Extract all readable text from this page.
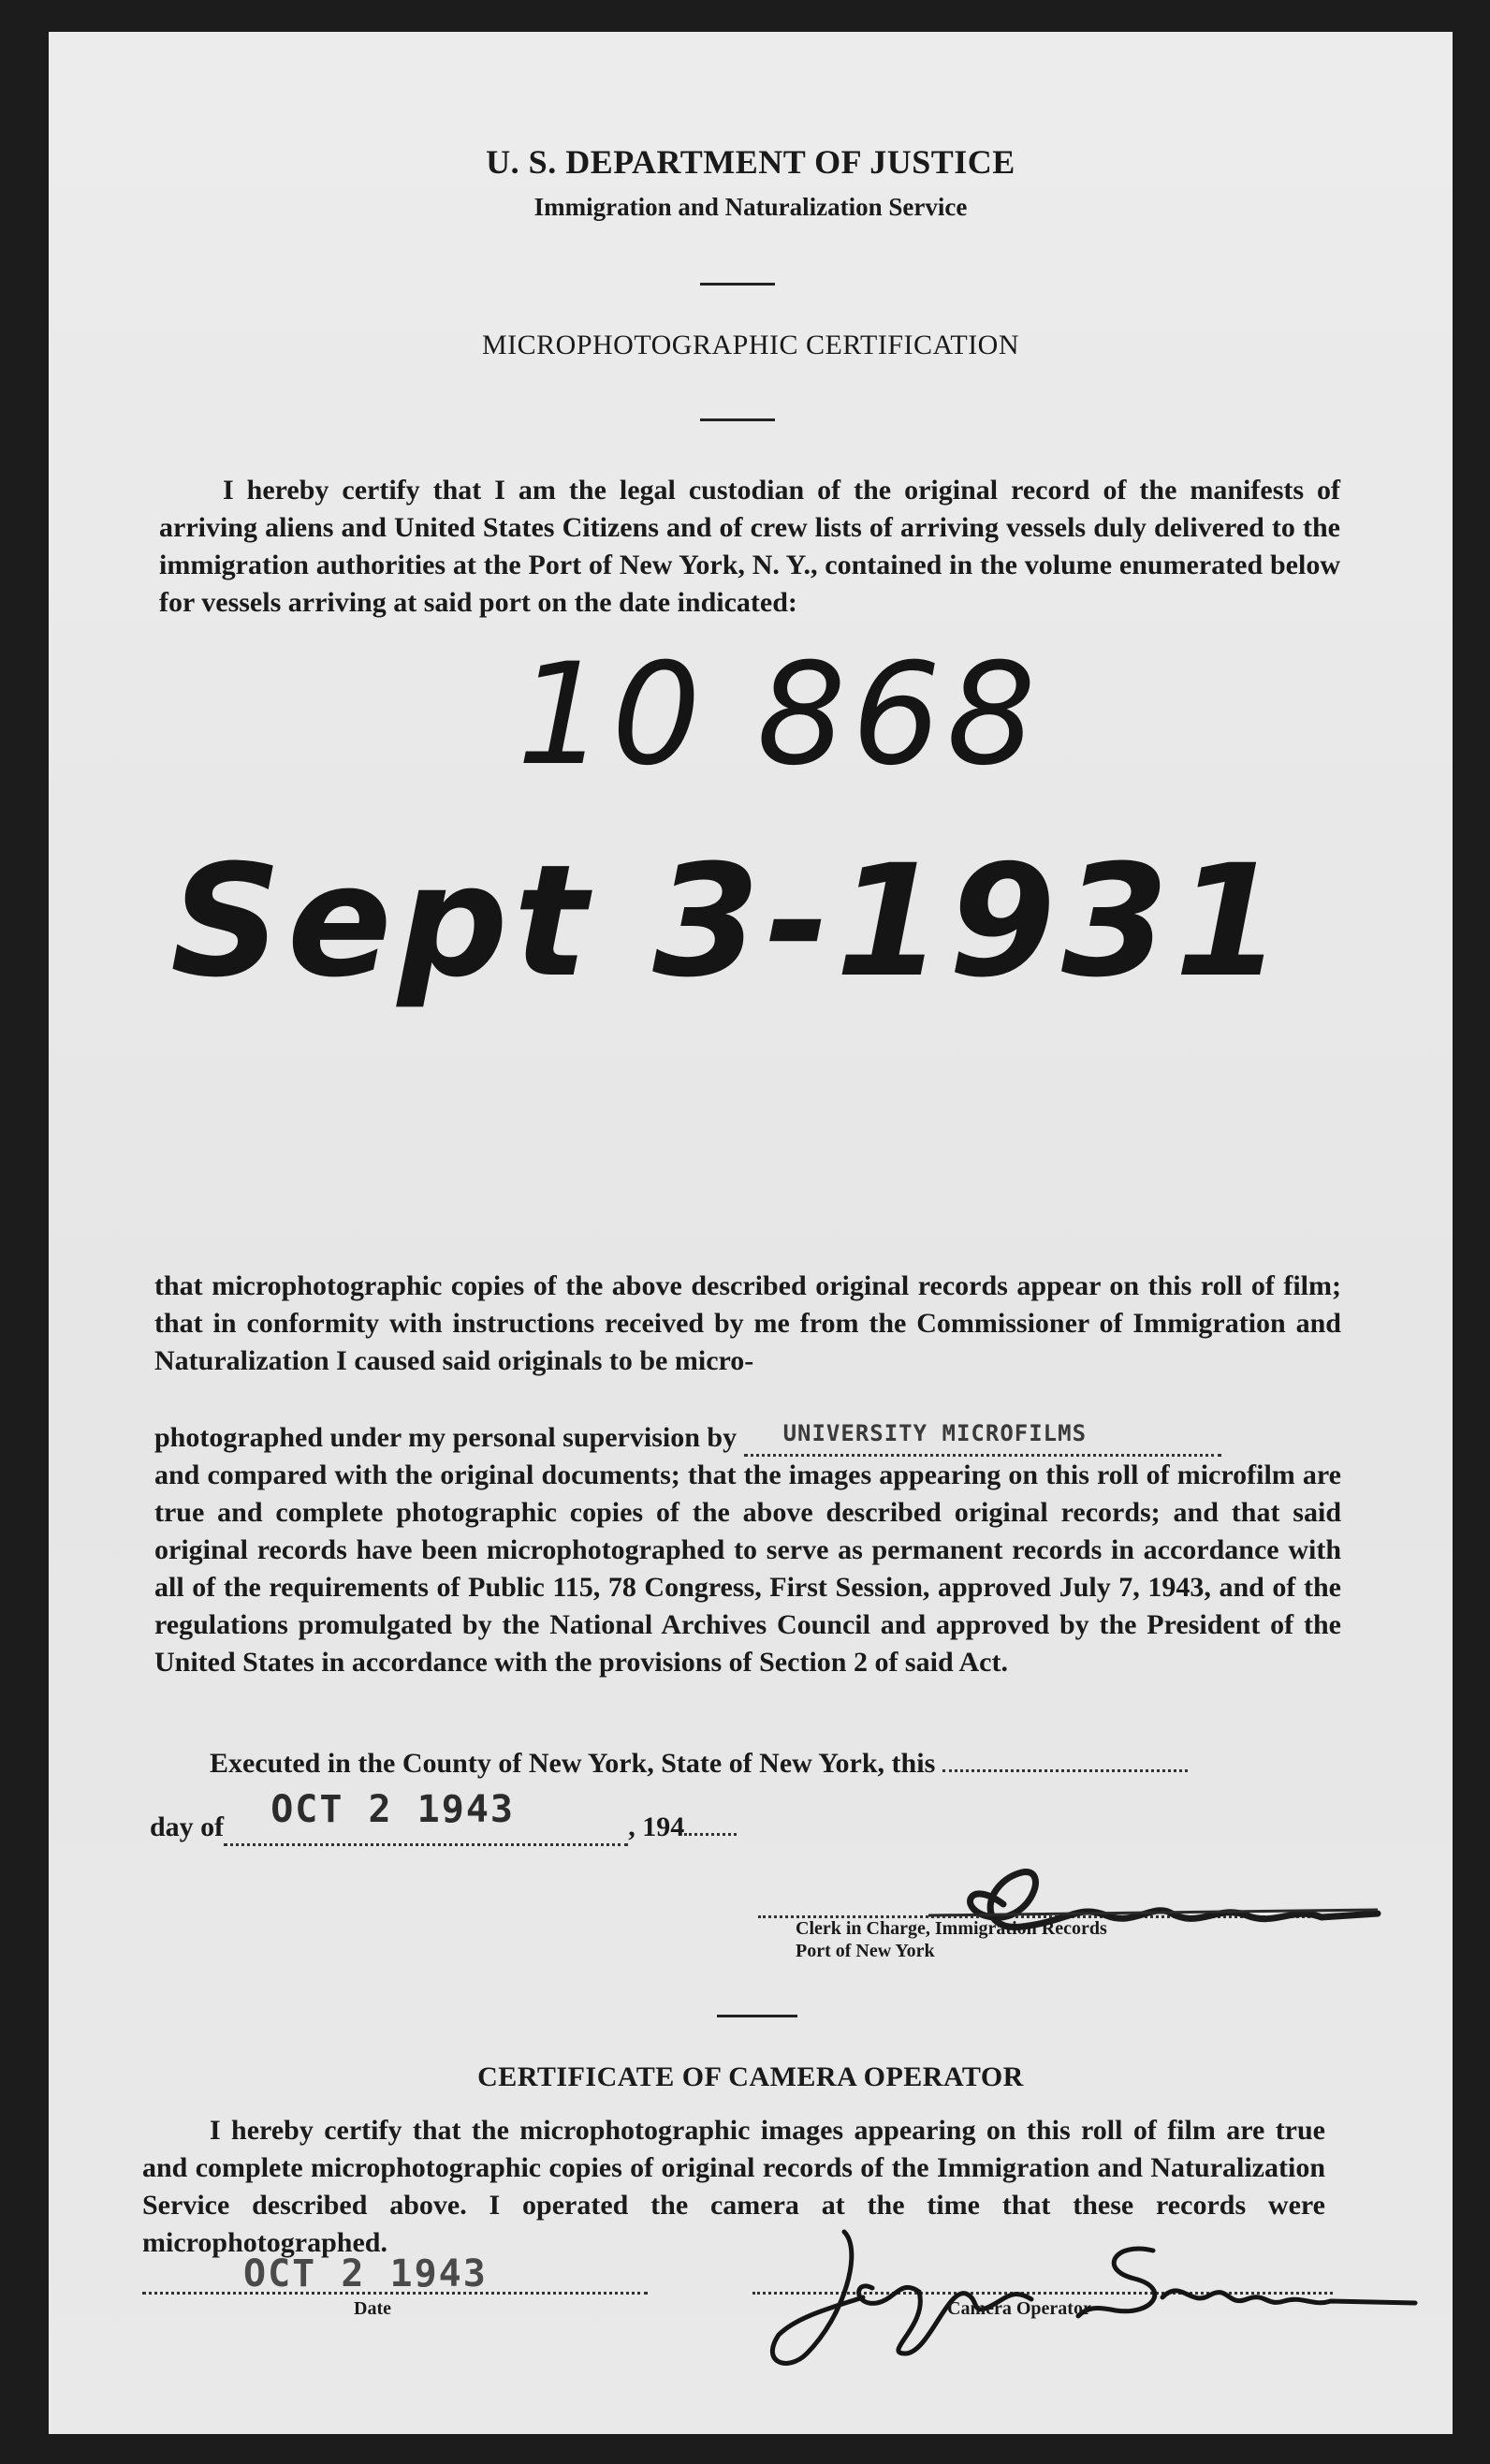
U. S. DEPARTMENT OF JUSTICE
Immigration and Naturalization Service
MICROPHOTOGRAPHIC CERTIFICATION
I hereby certify that I am the legal custodian of the original record of the manifests of arriving aliens and United States Citizens and of crew lists of arriving vessels duly delivered to the immigration authorities at the Port of New York, N. Y., contained in the volume enumerated below for vessels arriving at said port on the date indicated:
10 868
Sept 3-1931
that microphotographic copies of the above described original records appear on this roll of film; that in conformity with instructions received by me from the Commissioner of Immigration and Naturalization I caused said originals to be micro-
photographed under my personal supervision by UNIVERSITY MICROFILMS
and compared with the original documents; that the images appearing on this roll of microfilm are true and complete photographic copies of the above described original records; and that said original records have been microphotographed to serve as permanent records in accordance with all of the requirements of Public 115, 78 Congress, First Session, approved July 7, 1943, and of the regulations promulgated by the National Archives Council and approved by the President of the United States in accordance with the provisions of Section 2 of said Act.
Executed in the County of New York, State of New York, this
day of OCT 2 1943	, 194
Clerk in Charge, Immigration Records
Port of New York
CERTIFICATE OF CAMERA OPERATOR
I hereby certify that the microphotographic images appearing on this roll of film are true and complete microphotographic copies of original records of the Immigration and Naturalization Service described above. I operated the camera at the time that these records were microphotographed.
OCT 2 1943
Date	Camera Operator
